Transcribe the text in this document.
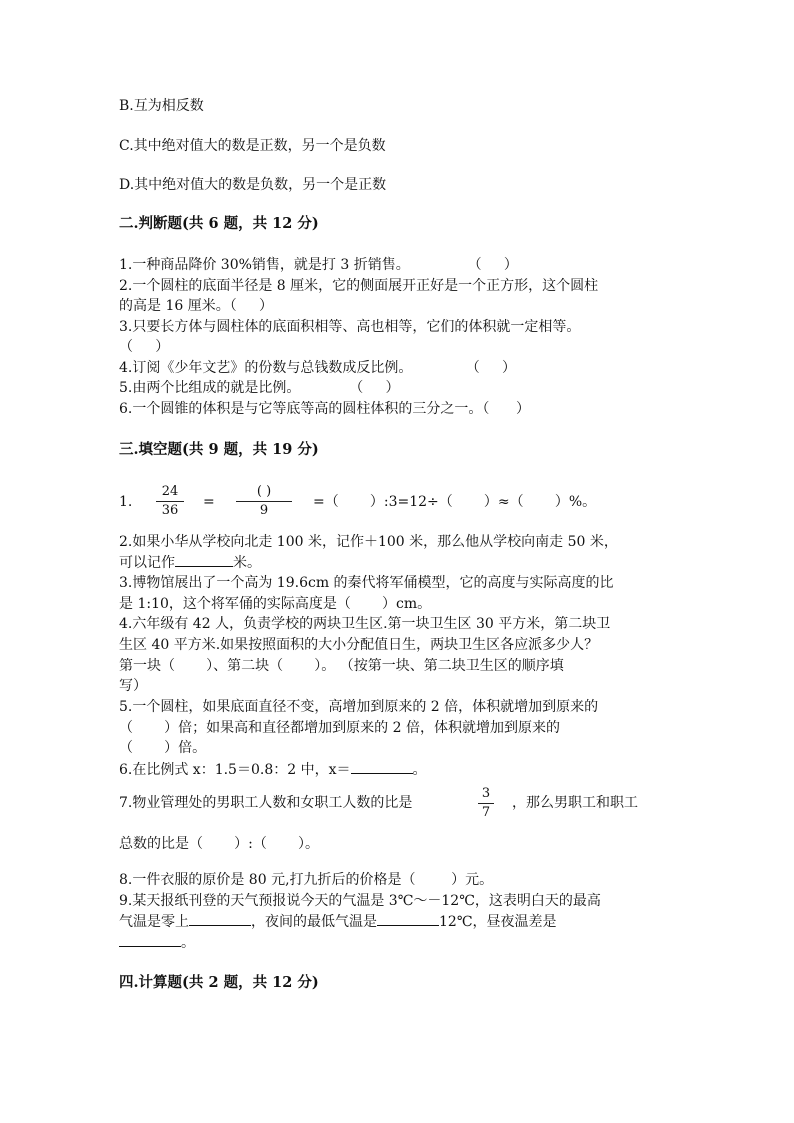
B.互为相反数
C.其中绝对值大的数是正数，另一个是负数
D.其中绝对值大的数是负数，另一个是正数
二.判断题(共 6 题，共 12 分)
1.一种商品降价 30%销售，就是打 3 折销售。             （     ）
2.一个圆柱的底面半径是 8 厘米，它的侧面展开正好是一个正方形，这个圆柱
的高是 16 厘米。（     ）
3.只要长方体与圆柱体的底面积相等、高也相等，它们的体积就一定相等。
（     ）
4.订阅《少年文艺》的份数与总钱数成反比例。            （     ）
5.由两个比组成的就是比例。           （     ）
6.一个圆锥的体积是与它等底等高的圆柱体积的三分之一。（      ）
三.填空题(共 9 题，共 19 分)
1.
24
36
=
( )
9
=（       ）:3=12÷（       ）≈（       ）%。
2.如果小华从学校向北走 100 米，记作＋100 米，那么他从学校向南走 50 米，
可以记作	米。
3.博物馆展出了一个高为 19.6cm 的秦代将军俑模型，它的高度与实际高度的比
是 1:10，这个将军俑的实际高度是（       ）cm。
4.六年级有 42 人，负责学校的两块卫生区.第一块卫生区 30 平方米，第二块卫
生区 40 平方米.如果按照面积的大小分配值日生，两块卫生区各应派多少人？
第一块（       ）、第二块（       ）。 （按第一块、第二块卫生区的顺序填
写）
5.一个圆柱，如果底面直径不变，高增加到原来的 2 倍，体积就增加到原来的
（       ）倍；如果高和直径都增加到原来的 2 倍，体积就增加到原来的
（       ）倍。
6.在比例式 x：1.5＝0.8：2 中，x＝	。
7.物业管理处的男职工人数和女职工人数的比是
3
7
，那么男职工和职工
总数的比是（       ）:（       ）。
8.一件衣服的原价是 80 元,打九折后的价格是（        ）元。
9.某天报纸刊登的天气预报说今天的气温是 3℃～－12℃，这表明白天的最高
气温是零上	，夜间的最低气温是	12℃，昼夜温差是
。
四.计算题(共 2 题，共 12 分)
